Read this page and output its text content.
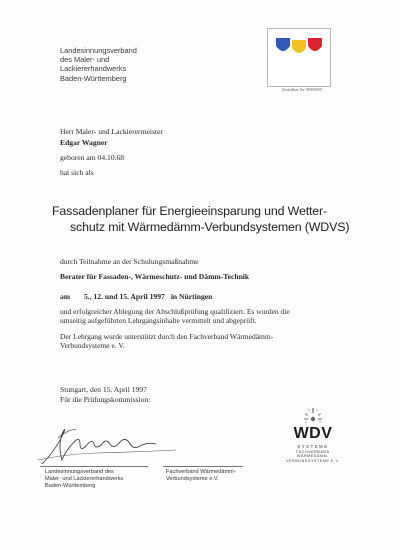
Landesinnungsverband
des Maler- und
Lackiererhandwerks
Baden-Württemberg
Zertifikat Nr. BW0055
Herr Maler- und Lackierermeister
Edgar Wagner
geboren am 04.10.68
hat sich als
Fassadenplaner für Energieeinsparung und Wetter-
schutz mit Wärmedämm-Verbundsystemen (WDVS)
durch Teilnahme an der Schulungsmaßnahme
Berater für Fassaden-, Wärmeschutz- und Dämm-Technik
am 5., 12. und 15. April 1997 in Nürtingen
und erfolgreicher Ablegung der Abschlußprüfung qualifiziert. Es wurden die
umseitig aufgeführten Lehrgangsinhalte vermittelt und abgeprüft.
Der Lehrgang wurde unterstützt durch den Fachverband Wärmedämm-
Verbundsysteme e. V.
Stuttgart, den 15. April 1997
Für die Prüfungskommission:
Landesinnungsverband des
Maler- und Lackiererhandwerks
Baden-Württemberg
Fachverband Wärmedämm-
Verbundsysteme e.V.
WDV
SYSTEME
FACHVERBAND
WÄRMEDÄMM-
VERBUNDSYSTEME E.V.
